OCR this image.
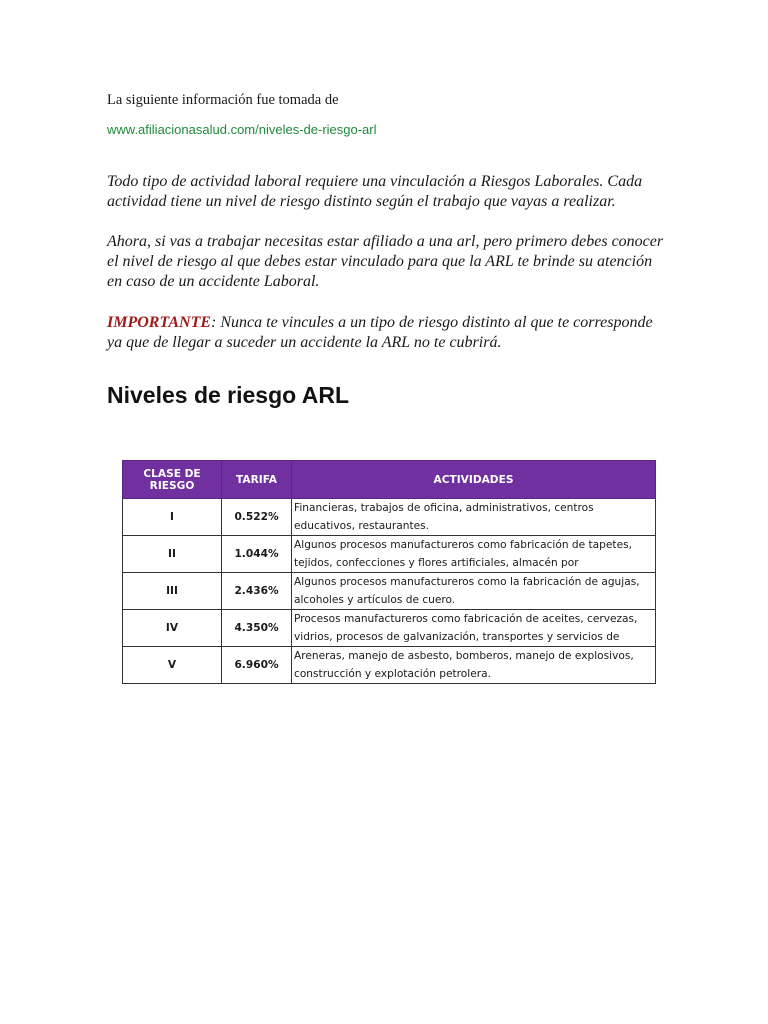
La siguiente información fue tomada de

www.afiliacionasalud.com/niveles-de-riesgo-arl

Todo tipo de actividad laboral requiere una vinculación a Riesgos Laborales. Cada actividad tiene un nivel de riesgo distinto según el trabajo que vayas a realizar.

Ahora, si vas a trabajar necesitas estar afiliado a una arl, pero primero debes conocer el nivel de riesgo al que debes estar vinculado para que la ARL te brinde su atención en caso de un accidente Laboral.

IMPORTANTE: Nunca te vincules a un tipo de riesgo distinto al que te corresponde ya que de llegar a suceder un accidente la ARL no te cubrirá.

Niveles de riesgo ARL
CLASE DE RIESGO	TARIFA	ACTIVIDADES
I	0.522%	Financieras, trabajos de oficina, administrativos, centros educativos, restaurantes.

II	1.044%	Algunos procesos manufactureros como fabricación de tapetes, tejidos, confecciones y flores artificiales, almacén por

III	2.436%	Algunos procesos manufactureros como la fabricación de agujas, alcoholes y artículos de cuero.

IV	4.350%	Procesos manufactureros como fabricación de aceites, cervezas, vidrios, procesos de galvanización, transportes y servicios de

V	6.960%	Areneras, manejo de asbesto, bomberos, manejo de explosivos, construcción y explotación petrolera.
